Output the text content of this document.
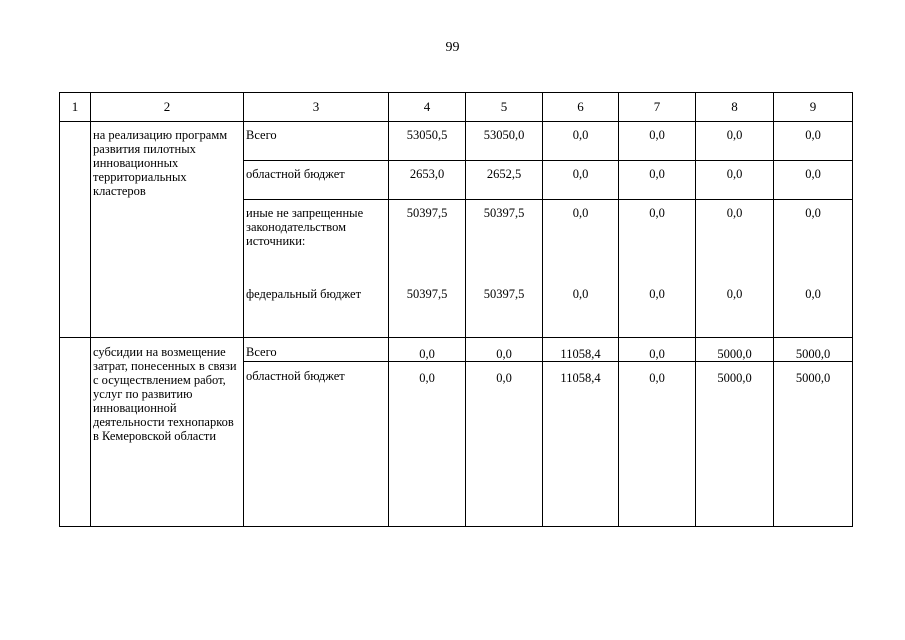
99
1	2	3	4	5	6	7	8	9
	на реализацию программ развития пилотных инновационных территориальных кластеров	Всего	53050,5	53050,0	0,0	0,0	0,0	0,0
		областной бюджет	2653,0	2652,5	0,0	0,0	0,0	0,0
		иные не запрещенные законодательством источники:	50397,5	50397,5	0,0	0,0	0,0	0,0
		федеральный бюджет	50397,5	50397,5	0,0	0,0	0,0	0,0
	субсидии на возмещение затрат, понесенных в связи с осуществлением работ, услуг по развитию инновационной деятельности технопарков в Кемеровской области	Всего	0,0	0,0	11058,4	0,0	5000,0	5000,0
		областной бюджет	0,0	0,0	11058,4	0,0	5000,0	5000,0
